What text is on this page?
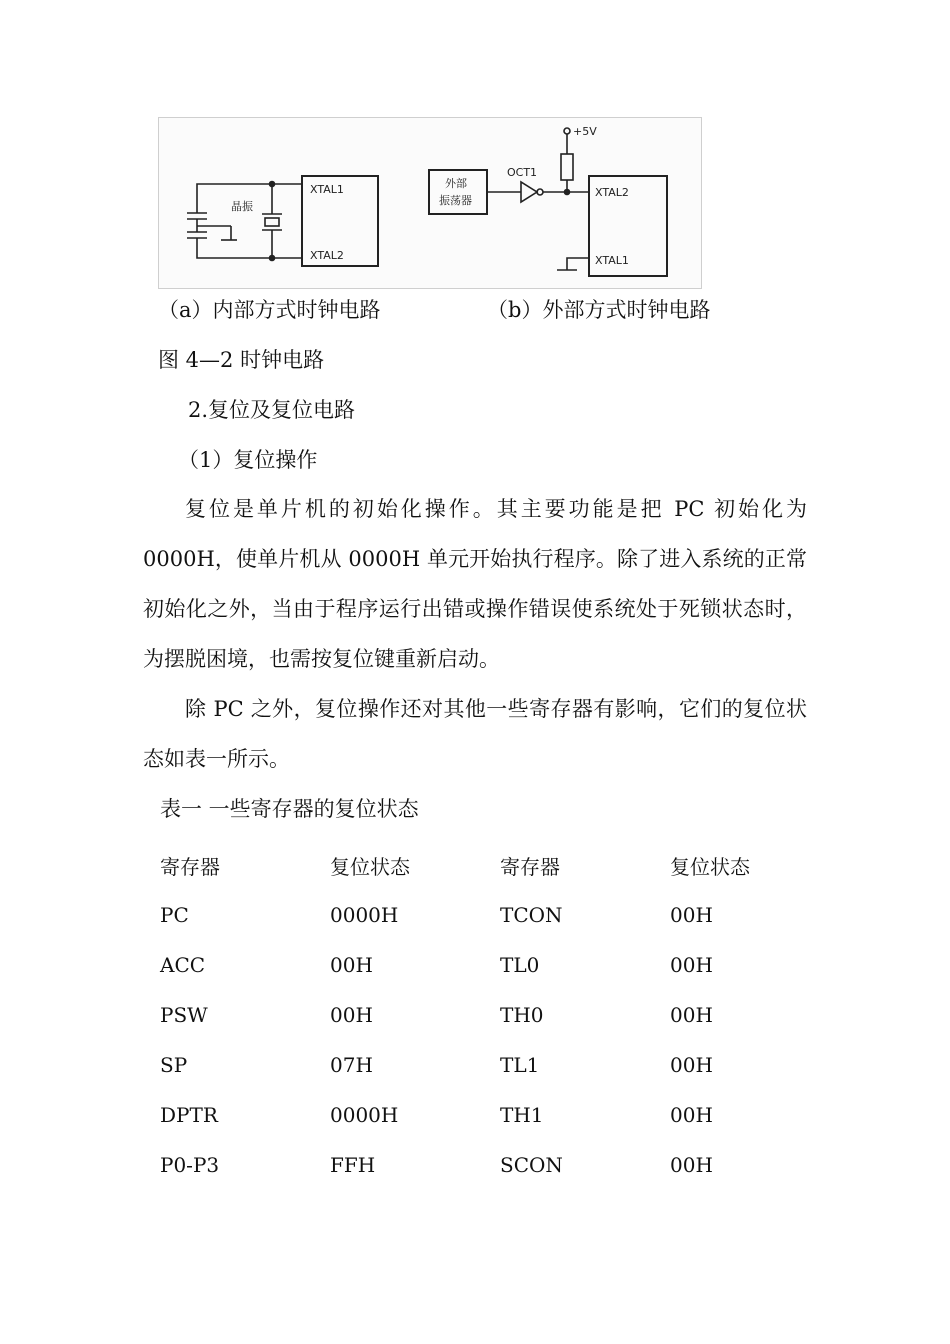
XTAL1
XTAL2
晶振
外部
振荡器
OCT1
+5V
XTAL2
XTAL1
（a）内部方式时钟电路	（b）外部方式时钟电路
图 4—2 时钟电路
2.复位及复位电路
（1）复位操作
复位是单片机的初始化操作。其主要功能是把 PC 初始化为 0000H，使单片机从 0000H 单元开始执行程序。除了进入系统的正常初始化之外，当由于程序运行出错或操作错误使系统处于死锁状态时，为摆脱困境，也需按复位键重新启动。
除 PC 之外，复位操作还对其他一些寄存器有影响，它们的复位状态如表一所示。
表一 一些寄存器的复位状态
寄存器	复位状态	寄存器	复位状态
PC	0000H	TCON	00H
ACC	00H	TL0	00H
PSW	00H	TH0	00H
SP	07H	TL1	00H
DPTR	0000H	TH1	00H
P0-P3	FFH	SCON	00H
